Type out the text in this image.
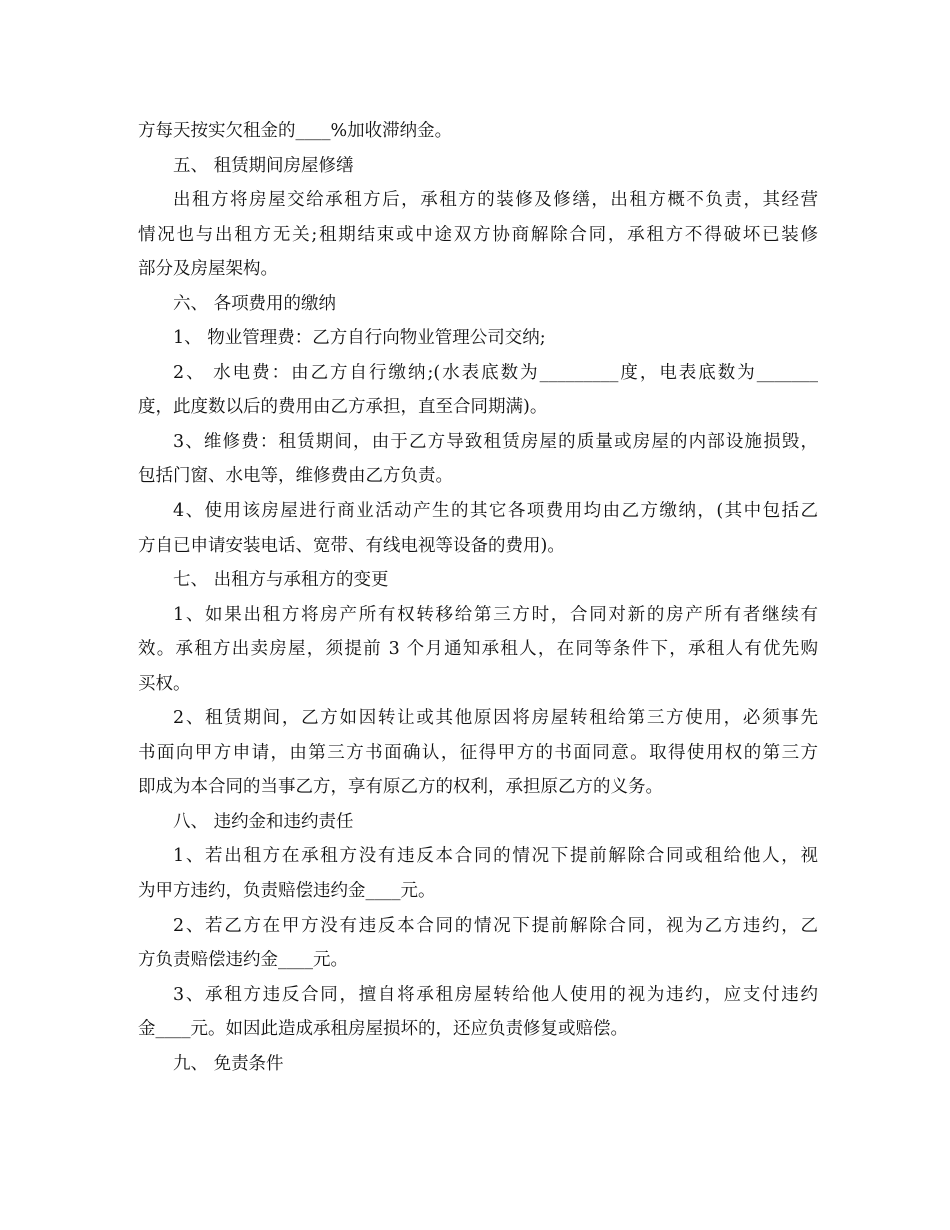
方每天按实欠租金的____%加收滞纳金。
五、 租赁期间房屋修缮
出租方将房屋交给承租方后，承租方的装修及修缮，出租方概不负责，其经营
情况也与出租方无关;租期结束或中途双方协商解除合同，承租方不得破坏已装修
部分及房屋架构。
六、 各项费用的缴纳
1、 物业管理费：乙方自行向物业管理公司交纳;
2、 水电费：由乙方自行缴纳;(水表底数为_________度，电表底数为_______
度，此度数以后的费用由乙方承担，直至合同期满)。
3、维修费：租赁期间，由于乙方导致租赁房屋的质量或房屋的内部设施损毁，
包括门窗、水电等，维修费由乙方负责。
4、使用该房屋进行商业活动产生的其它各项费用均由乙方缴纳，(其中包括乙
方自已申请安装电话、宽带、有线电视等设备的费用)。
七、 出租方与承租方的变更
1、如果出租方将房产所有权转移给第三方时，合同对新的房产所有者继续有
效。承租方出卖房屋，须提前 3 个月通知承租人，在同等条件下，承租人有优先购
买权。
2、租赁期间，乙方如因转让或其他原因将房屋转租给第三方使用，必须事先
书面向甲方申请，由第三方书面确认，征得甲方的书面同意。取得使用权的第三方
即成为本合同的当事乙方，享有原乙方的权利，承担原乙方的义务。
八、 违约金和违约责任
1、若出租方在承租方没有违反本合同的情况下提前解除合同或租给他人，视
为甲方违约，负责赔偿违约金____元。
2、若乙方在甲方没有违反本合同的情况下提前解除合同，视为乙方违约，乙
方负责赔偿违约金____元。
3、承租方违反合同，擅自将承租房屋转给他人使用的视为违约，应支付违约
金____元。如因此造成承租房屋损坏的，还应负责修复或赔偿。
九、 免责条件
